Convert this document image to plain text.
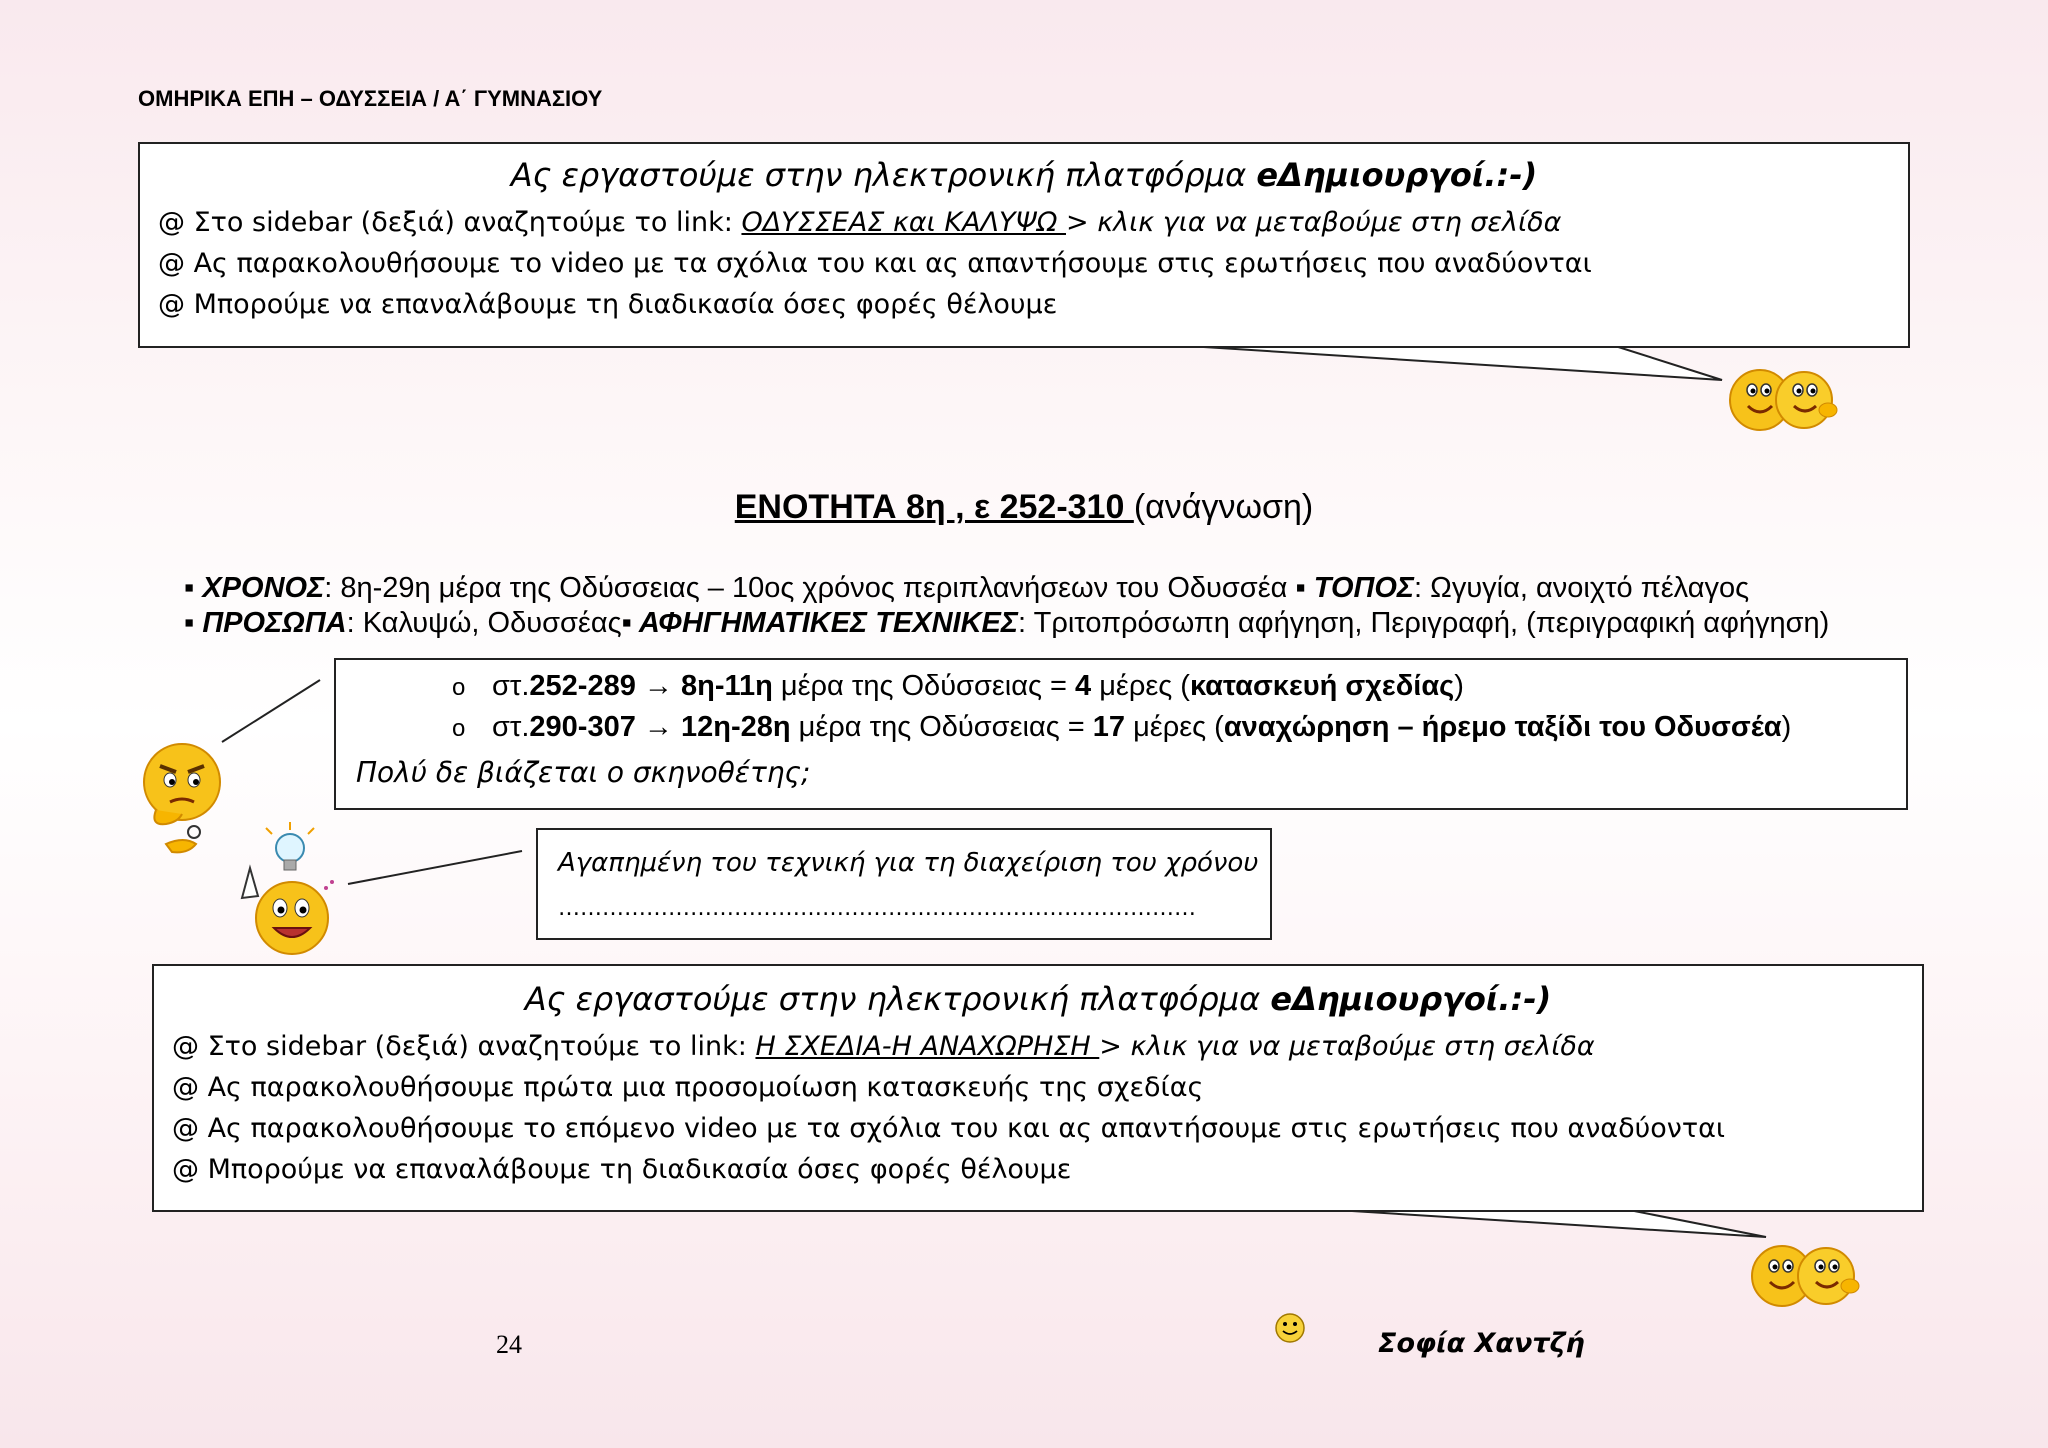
ΟΜΗΡΙΚΑ ΕΠΗ – ΟΔΥΣΣΕΙΑ / Α΄ ΓΥΜΝΑΣΙΟΥ
Ας εργαστούμε στην ηλεκτρονική πλατφόρμα eΔημιουργοί.:-)
@ Στο sidebar (δεξιά) αναζητούμε το link: ΟΔΥΣΣΕΑΣ και ΚΑΛΥΨΩ > κλικ για να μεταβούμε στη σελίδα
@ Ας παρακολουθήσουμε το video με τα σχόλια του και ας απαντήσουμε στις ερωτήσεις που αναδύονται
@ Μπορούμε να επαναλάβουμε τη διαδικασία όσες φορές θέλουμε
ΕΝΟΤΗΤΑ 8η , ε 252-310 (ανάγνωση)
▪ ΧΡΟΝΟΣ: 8η-29η μέρα της Οδύσσειας – 10ος χρόνος περιπλανήσεων του Οδυσσέα ▪ ΤΟΠΟΣ: Ωγυγία, ανοιχτό πέλαγος
▪ ΠΡΟΣΩΠΑ: Καλυψώ, Οδυσσέας▪ ΑΦΗΓΗΜΑΤΙΚΕΣ ΤΕΧΝΙΚΕΣ: Τριτοπρόσωπη αφήγηση, Περιγραφή, (περιγραφική αφήγηση)
o στ.252-289 → 8η-11η μέρα της Οδύσσειας = 4 μέρες (κατασκευή σχεδίας)
o στ.290-307 → 12η-28η μέρα της Οδύσσειας = 17 μέρες (αναχώρηση – ήρεμο ταξίδι του Οδυσσέα)
Πολύ δε βιάζεται ο σκηνοθέτης;
Αγαπημένη του τεχνική για τη διαχείριση του χρόνου
……………………………………………………………………………
Ας εργαστούμε στην ηλεκτρονική πλατφόρμα eΔημιουργοί.:-)
@ Στο sidebar (δεξιά) αναζητούμε το link: Η ΣΧΕΔΙΑ-Η ΑΝΑΧΩΡΗΣΗ > κλικ για να μεταβούμε στη σελίδα
@ Ας παρακολουθήσουμε πρώτα μια προσομοίωση κατασκευής της σχεδίας
@ Ας παρακολουθήσουμε το επόμενο video με τα σχόλια του και ας απαντήσουμε στις ερωτήσεις που αναδύονται
@ Μπορούμε να επαναλάβουμε τη διαδικασία όσες φορές θέλουμε
24	Σοφία Χαντζή
